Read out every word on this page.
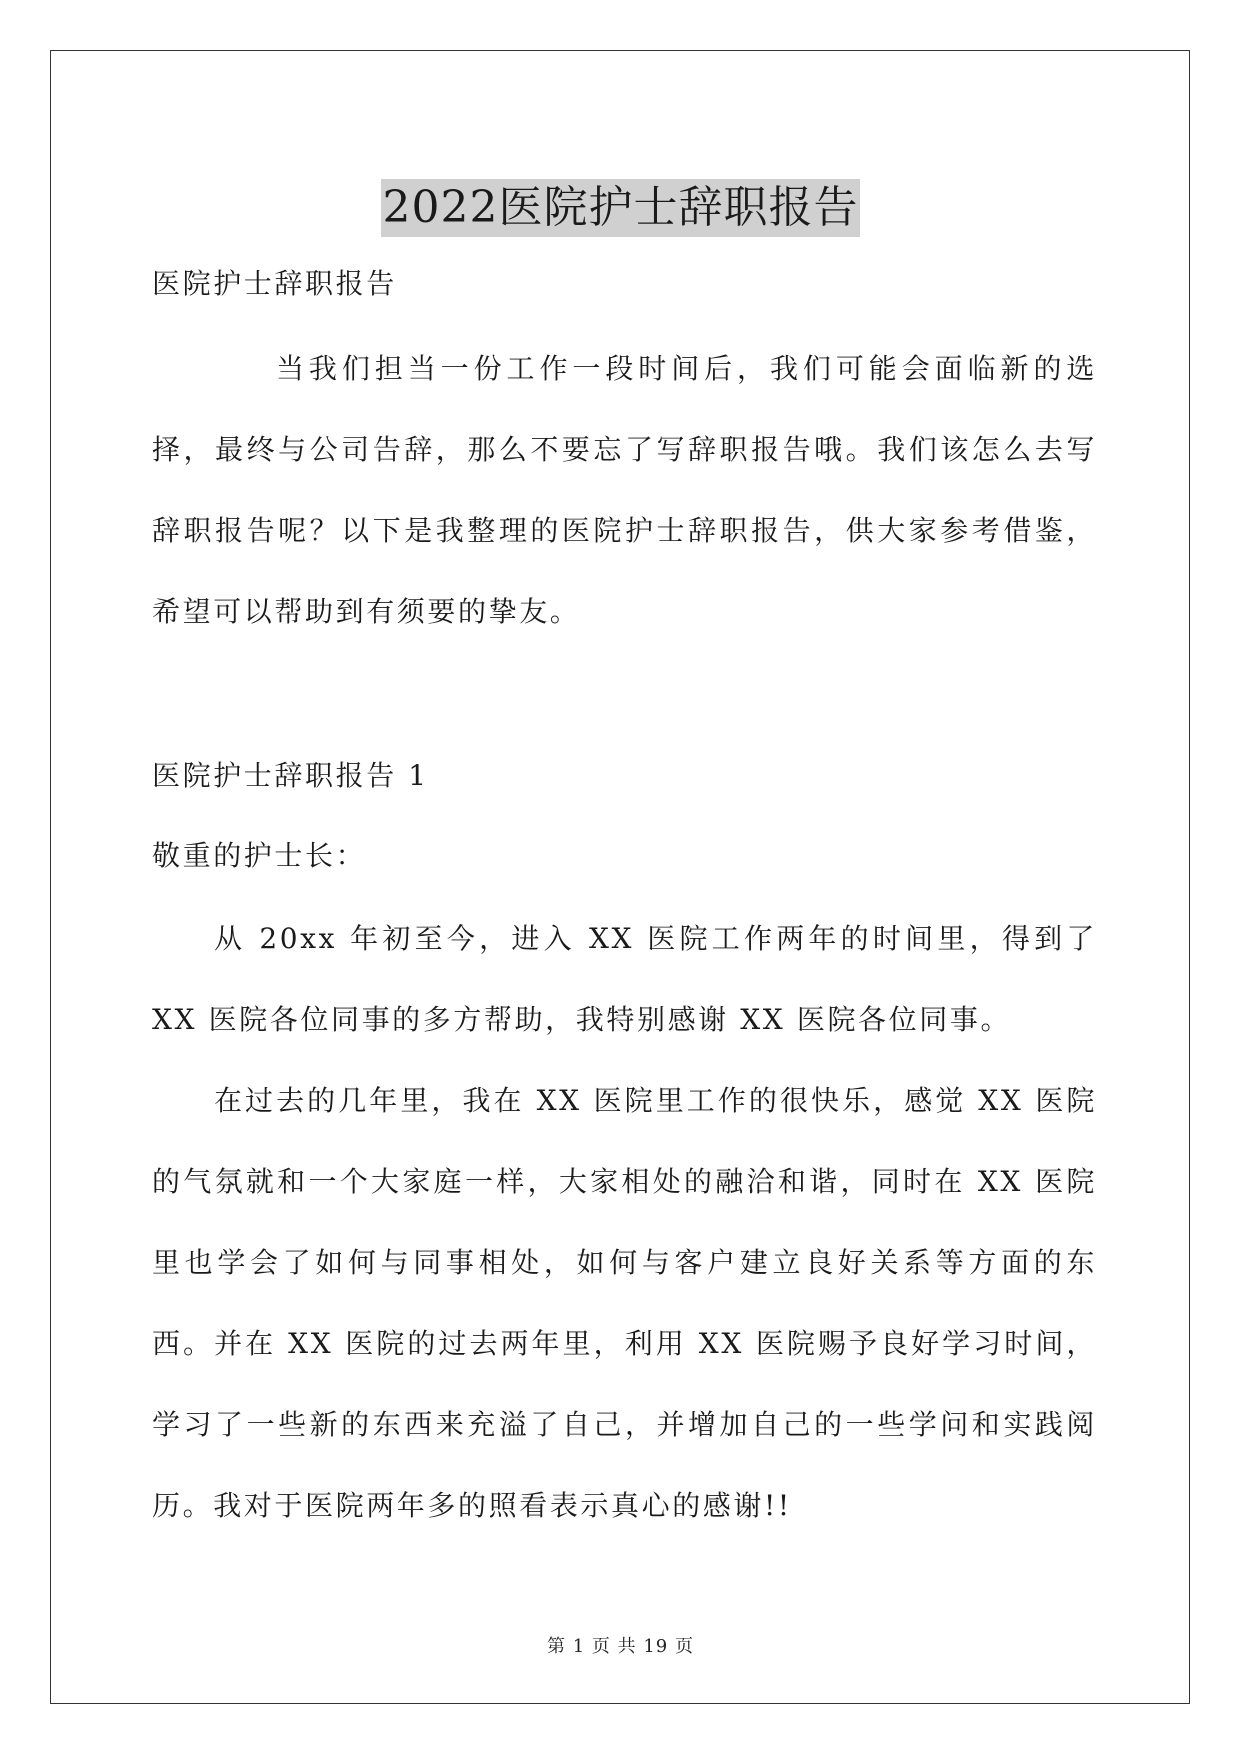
2022医院护士辞职报告
医院护士辞职报告
当我们担当一份工作一段时间后，我们可能会面临新的选择，最终与公司告辞，那么不要忘了写辞职报告哦。我们该怎么去写辞职报告呢？以下是我整理的医院护士辞职报告，供大家参考借鉴，希望可以帮助到有须要的挚友。
医院护士辞职报告 1
敬重的护士长：
从 20xx 年初至今，进入 XX 医院工作两年的时间里，得到了 XX 医院各位同事的多方帮助，我特别感谢 XX 医院各位同事。
在过去的几年里，我在 XX 医院里工作的很快乐，感觉 XX 医院的气氛就和一个大家庭一样，大家相处的融洽和谐，同时在 XX 医院里也学会了如何与同事相处，如何与客户建立良好关系等方面的东西。并在 XX 医院的过去两年里，利用 XX 医院赐予良好学习时间，学习了一些新的东西来充溢了自己，并增加自己的一些学问和实践阅历。我对于医院两年多的照看表示真心的感谢!!
第 1 页 共 19 页
